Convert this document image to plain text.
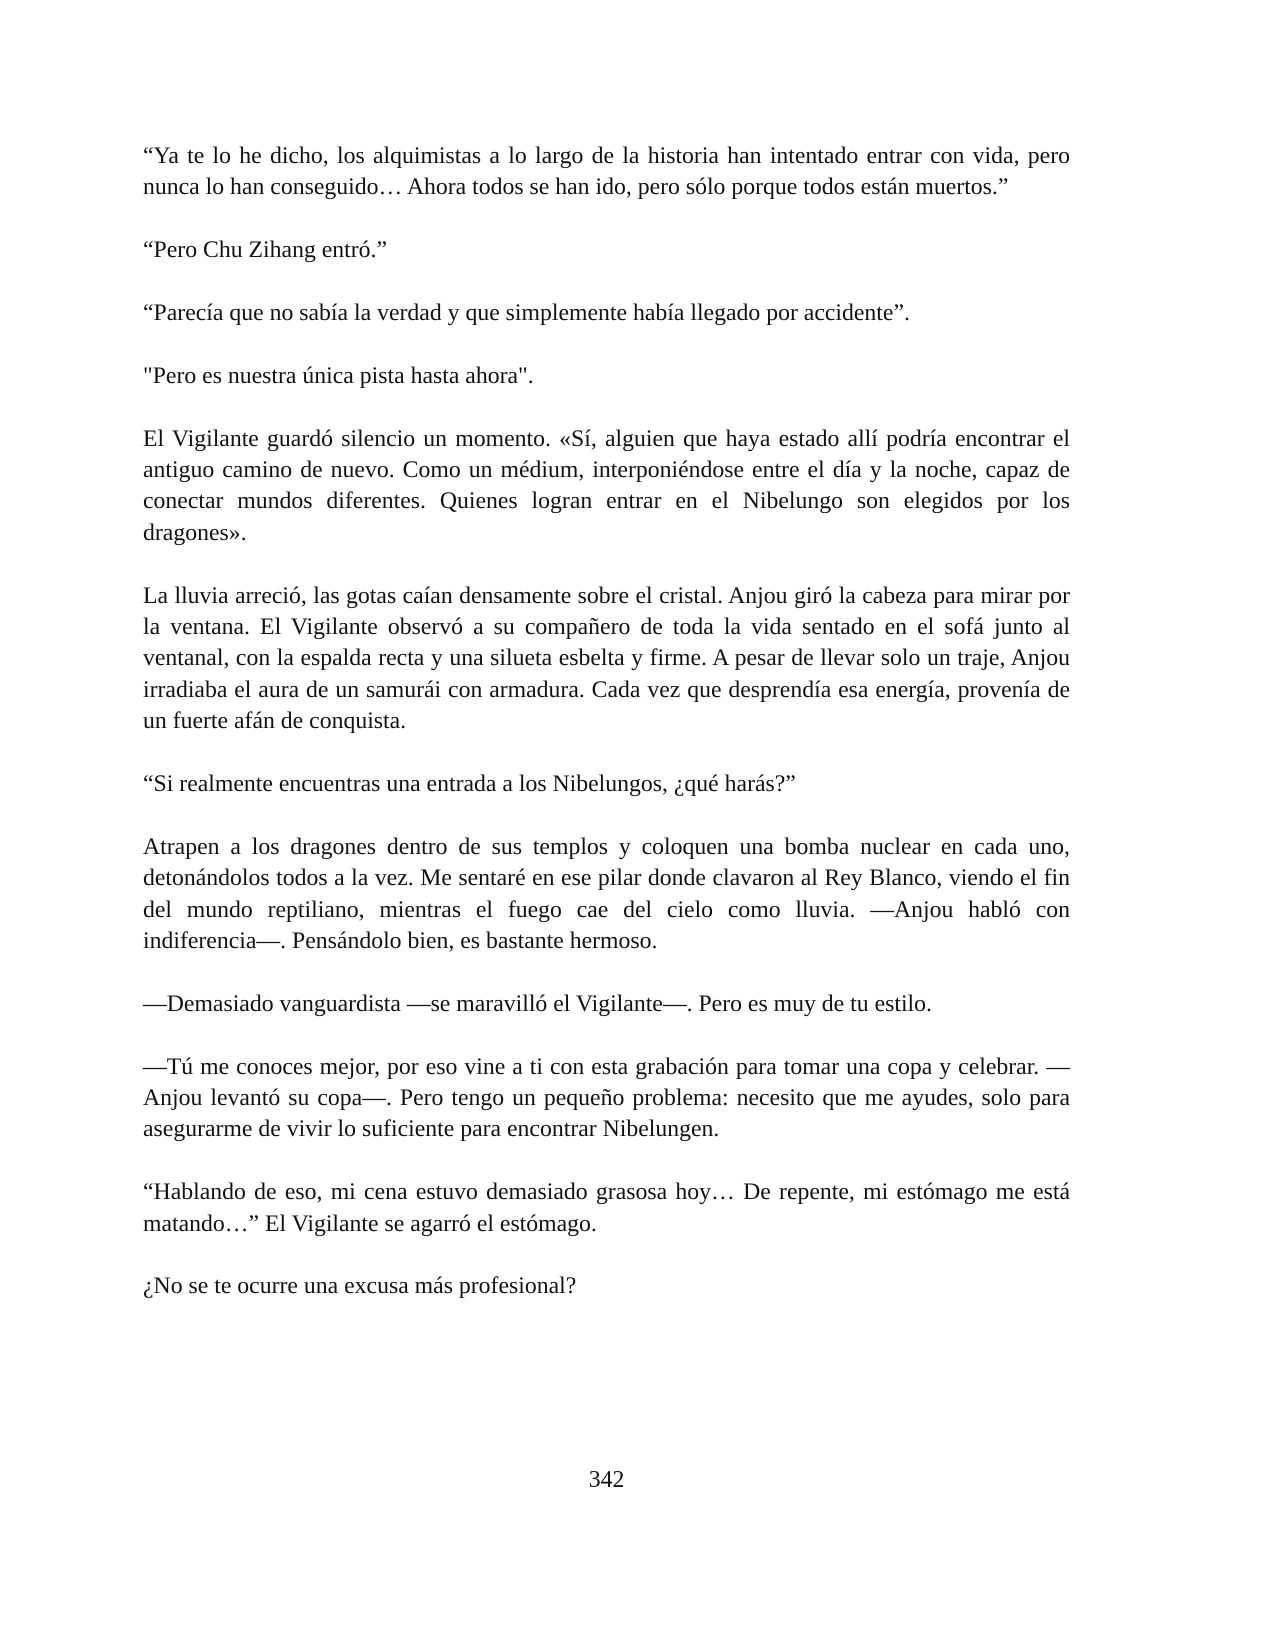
“Ya te lo he dicho, los alquimistas a lo largo de la historia han intentado entrar con vida, pero nunca lo han conseguido… Ahora todos se han ido, pero sólo porque todos están muertos.”

“Pero Chu Zihang entró.”

“Parecía que no sabía la verdad y que simplemente había llegado por accidente”.

"Pero es nuestra única pista hasta ahora".

El Vigilante guardó silencio un momento. «Sí, alguien que haya estado allí podría encontrar el antiguo camino de nuevo. Como un médium, interponiéndose entre el día y la noche, capaz de conectar mundos diferentes. Quienes logran entrar en el Nibelungo son elegidos por los dragones».

La lluvia arreció, las gotas caían densamente sobre el cristal. Anjou giró la cabeza para mirar por la ventana. El Vigilante observó a su compañero de toda la vida sentado en el sofá junto al ventanal, con la espalda recta y una silueta esbelta y firme. A pesar de llevar solo un traje, Anjou irradiaba el aura de un samurái con armadura. Cada vez que desprendía esa energía, provenía de un fuerte afán de conquista.

“Si realmente encuentras una entrada a los Nibelungos, ¿qué harás?”

Atrapen a los dragones dentro de sus templos y coloquen una bomba nuclear en cada uno, detonándolos todos a la vez. Me sentaré en ese pilar donde clavaron al Rey Blanco, viendo el fin del mundo reptiliano, mientras el fuego cae del cielo como lluvia. —Anjou habló con indiferencia—. Pensándolo bien, es bastante hermoso.

—Demasiado vanguardista —se maravilló el Vigilante—. Pero es muy de tu estilo.

—Tú me conoces mejor, por eso vine a ti con esta grabación para tomar una copa y celebrar. —Anjou levantó su copa—. Pero tengo un pequeño problema: necesito que me ayudes, solo para asegurarme de vivir lo suficiente para encontrar Nibelungen.

“Hablando de eso, mi cena estuvo demasiado grasosa hoy… De repente, mi estómago me está matando…” El Vigilante se agarró el estómago.

¿No se te ocurre una excusa más profesional?

342
